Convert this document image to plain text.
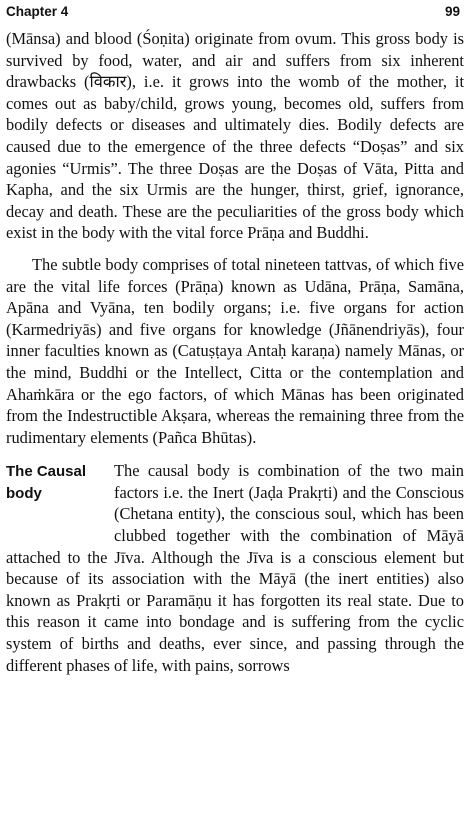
Chapter 4	99

(Mānsa) and blood (Śoṇita) originate from ovum. This gross body is survived by food, water, and air and suffers from six inherent drawbacks (विकार), i.e. it grows into the womb of the mother, it comes out as baby/child, grows young, becomes old, suffers from bodily defects or diseases and ultimately dies. Bodily defects are caused due to the emergence of the three defects “Doṣas” and six agonies “Urmis”. The three Doṣas are the Doṣas of Vāta, Pitta and Kapha, and the six Urmis are the hunger, thirst, grief, ignorance, decay and death. These are the peculiarities of the gross body which exist in the body with the vital force Prāṇa and Buddhi.

The subtle body comprises of total nineteen tattvas, of which five are the vital life forces (Prāṇa) known as Udāna, Prāṇa, Samāna, Apāna and Vyāna, ten bodily organs; i.e. five organs for action (Karmedriyās) and five organs for knowledge (Jñānendriyās), four inner faculties known as (Catuṣṭaya Antaḥ karaṇa) namely Mānas, or the mind, Buddhi or the Intellect, Citta or the contemplation and Ahaṁkāra or the ego factors, of which Mānas has been originated from the Indestructible Akṣara, whereas the remaining three from the rudimentary elements (Pañca Bhūtas).

The Causal body

The causal body is combination of the two main factors i.e. the Inert (Jaḍa Prakṛti) and the Conscious (Chetana entity), the conscious soul, which has been clubbed together with the combination of Māyā attached to the Jīva. Although the Jīva is a conscious element but because of its association with the Māyā (the inert entities) also known as Prakṛti or Paramāṇu it has forgotten its real state. Due to this reason it came into bondage and is suffering from the cyclic system of births and deaths, ever since, and passing through the different phases of life, with pains, sorrows
